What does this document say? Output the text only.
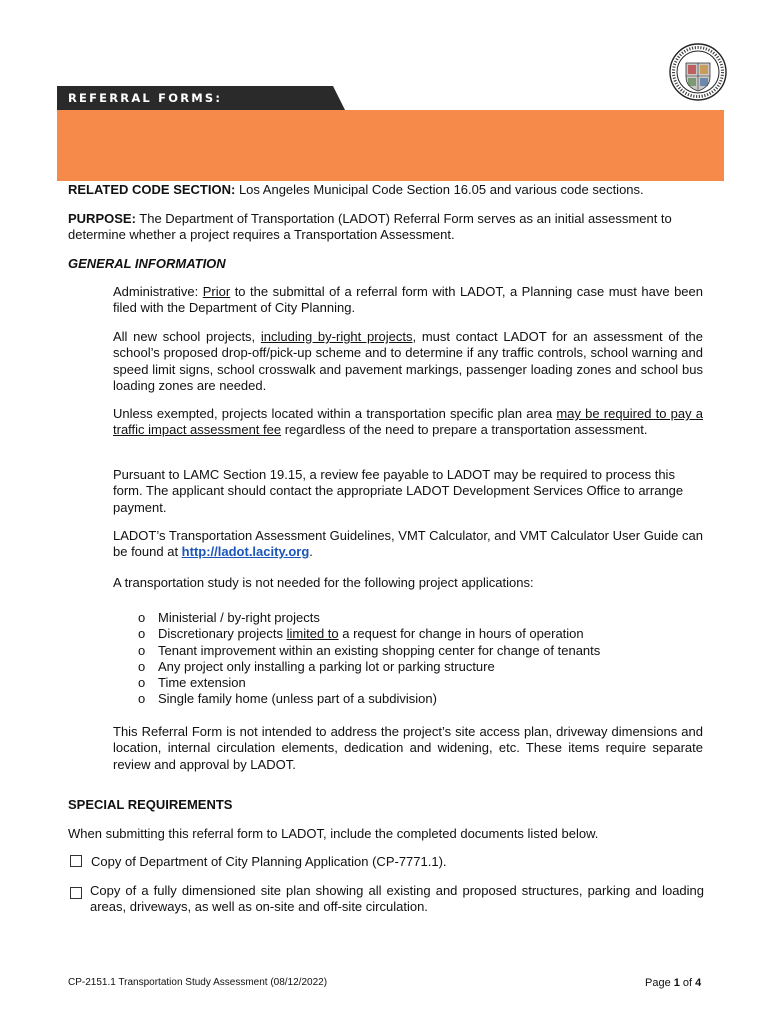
REFERRAL FORMS:

RELATED CODE SECTION: Los Angeles Municipal Code Section 16.05 and various code sections.

PURPOSE: The Department of Transportation (LADOT) Referral Form serves as an initial assessment to determine whether a project requires a Transportation Assessment.

GENERAL INFORMATION

Administrative: Prior to the submittal of a referral form with LADOT, a Planning case must have been filed with the Department of City Planning.

All new school projects, including by-right projects, must contact LADOT for an assessment of the school’s proposed drop-off/pick-up scheme and to determine if any traffic controls, school warning and speed limit signs, school crosswalk and pavement markings, passenger loading zones and school bus loading zones are needed.

Unless exempted, projects located within a transportation specific plan area may be required to pay a traffic impact assessment fee regardless of the need to prepare a transportation assessment.

Pursuant to LAMC Section 19.15, a review fee payable to LADOT may be required to process this form. The applicant should contact the appropriate LADOT Development Services Office to arrange payment.

LADOT’s Transportation Assessment Guidelines, VMT Calculator, and VMT Calculator User Guide can be found at http://ladot.lacity.org.

A transportation study is not needed for the following project applications:

o Ministerial / by-right projects
o Discretionary projects limited to a request for change in hours of operation
o Tenant improvement within an existing shopping center for change of tenants
o Any project only installing a parking lot or parking structure
o Time extension
o Single family home (unless part of a subdivision)

This Referral Form is not intended to address the project’s site access plan, driveway dimensions and location, internal circulation elements, dedication and widening, etc. These items require separate review and approval by LADOT.

SPECIAL REQUIREMENTS

When submitting this referral form to LADOT, include the completed documents listed below.

Copy of Department of City Planning Application (CP-7771.1).
Copy of a fully dimensioned site plan showing all existing and proposed structures, parking and loading areas, driveways, as well as on-site and off-site circulation.
CP-2151.1 Transportation Study Assessment (08/12/2022)	Page 1 of 4
